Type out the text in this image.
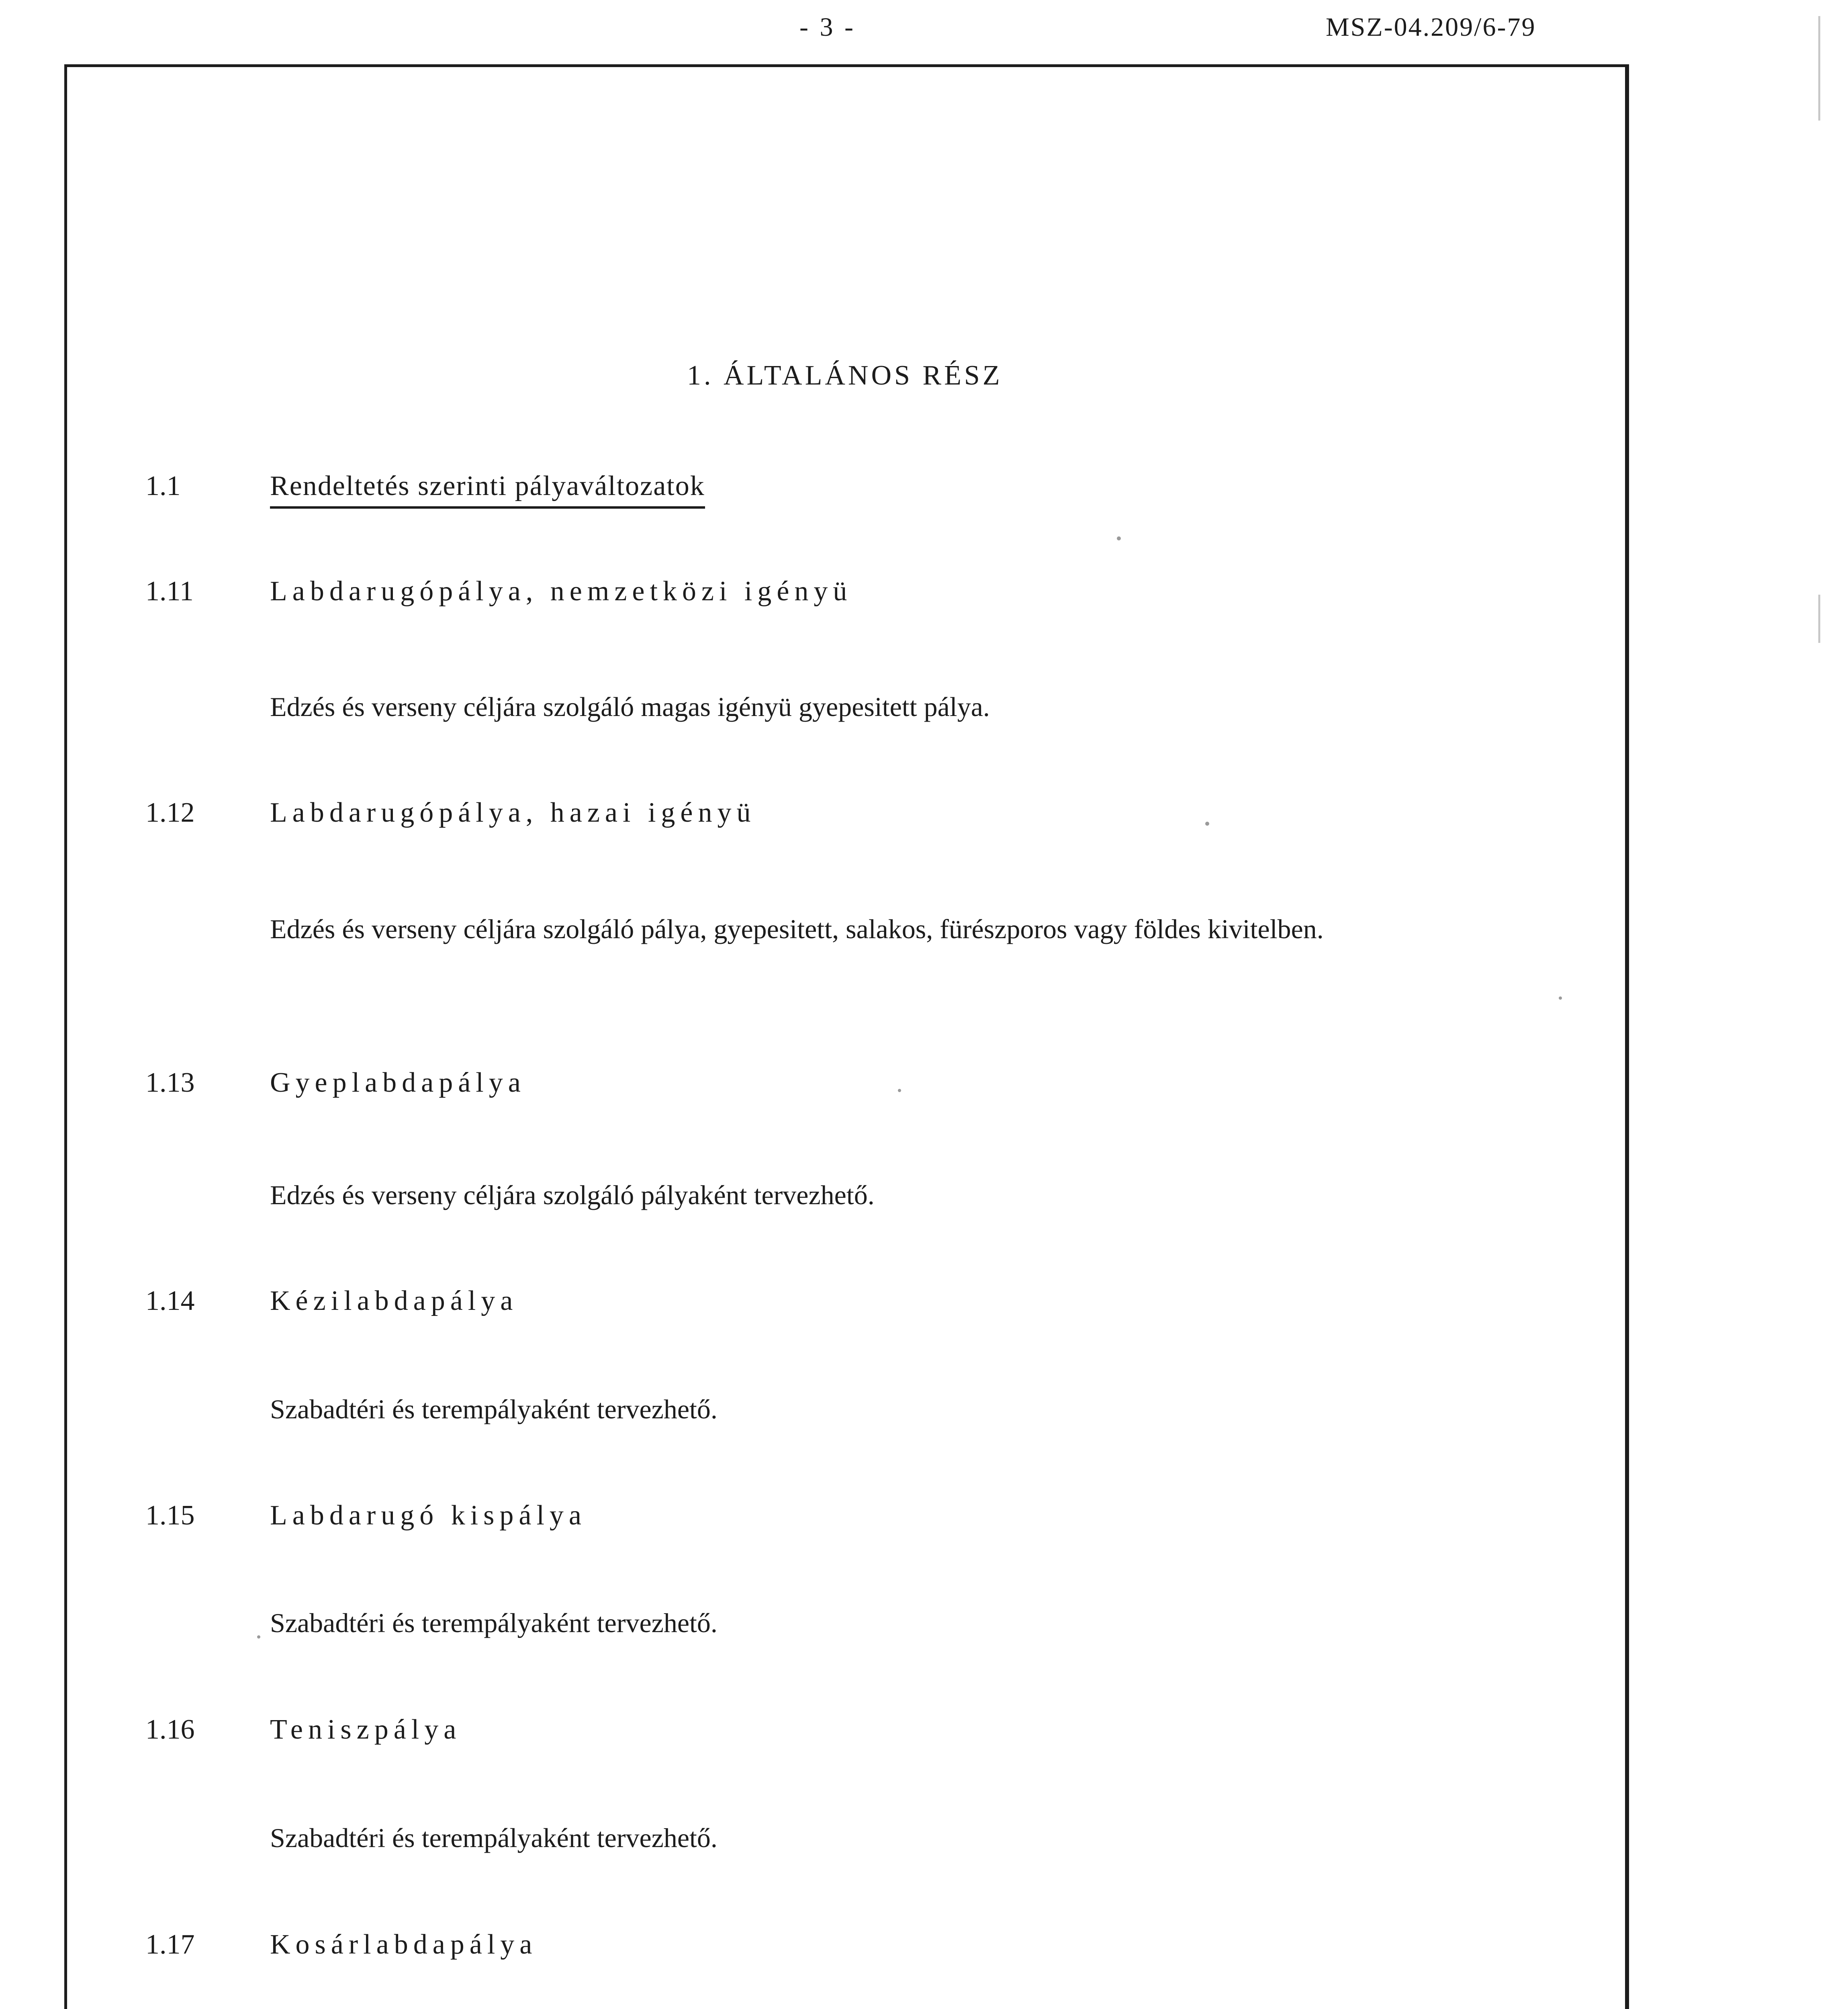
- 3 -	MSZ-04.209/6-79
1. ÁLTALÁNOS RÉSZ
1.1	Rendeltetés szerinti pályaváltozatok
1.11	Labdarugópálya, nemzetközi igényü
Edzés és verseny céljára szolgáló magas igényü gyepesitett pálya.
1.12	Labdarugópálya, hazai igényü
Edzés és verseny céljára szolgáló pálya, gyepesitett, salakos, fürészporos vagy földes kivitelben.
1.13	Gyeplabdapálya
Edzés és verseny céljára szolgáló pályaként tervezhető.
1.14	Kézilabdapálya
Szabadtéri és terempályaként tervezhető.
1.15	Labdarugó kispálya
Szabadtéri és terempályaként tervezhető.
1.16	Teniszpálya
Szabadtéri és terempályaként tervezhető.
1.17	Kosárlabdapálya
